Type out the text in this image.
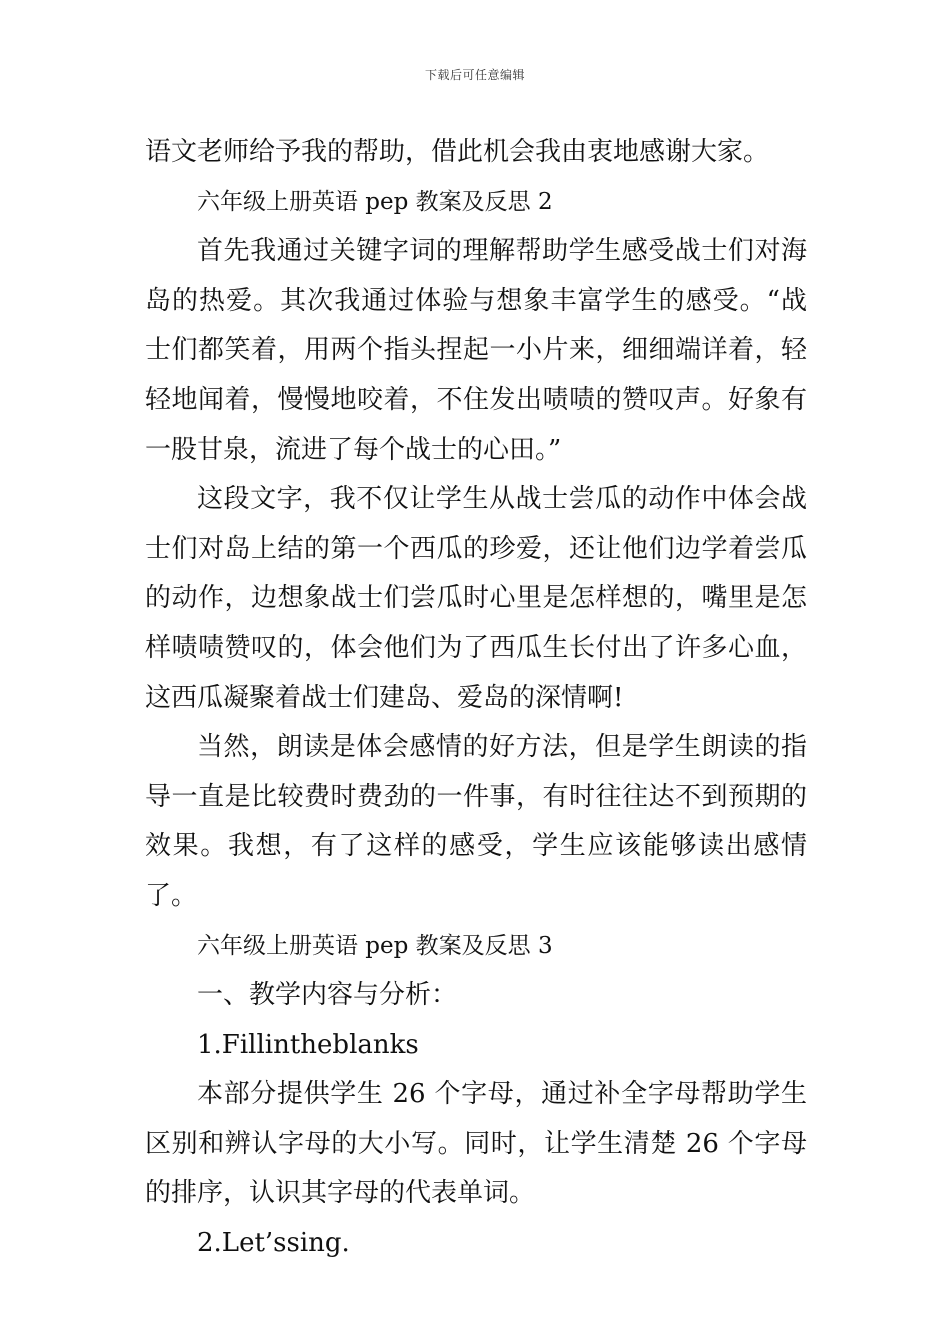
下载后可任意编辑

语文老师给予我的帮助，借此机会我由衷地感谢大家。

六年级上册英语 pep 教案及反思 2

首先我通过关键字词的理解帮助学生感受战士们对海岛的热爱。其次我通过体验与想象丰富学生的感受。“战士们都笑着，用两个指头捏起一小片来，细细端详着，轻轻地闻着，慢慢地咬着，不住发出啧啧的赞叹声。好象有一股甘泉，流进了每个战士的心田。”

这段文字，我不仅让学生从战士尝瓜的动作中体会战士们对岛上结的第一个西瓜的珍爱，还让他们边学着尝瓜的动作，边想象战士们尝瓜时心里是怎样想的，嘴里是怎样啧啧赞叹的，体会他们为了西瓜生长付出了许多心血，这西瓜凝聚着战士们建岛、爱岛的深情啊!

当然，朗读是体会感情的好方法，但是学生朗读的指导一直是比较费时费劲的一件事，有时往往达不到预期的效果。我想，有了这样的感受，学生应该能够读出感情了。

六年级上册英语 pep 教案及反思 3

一、教学内容与分析：

1.Fillintheblanks

本部分提供学生 26 个字母，通过补全字母帮助学生区别和辨认字母的大小写。同时，让学生清楚 26 个字母的排序，认识其字母的代表单词。

2.Let’ssing.
